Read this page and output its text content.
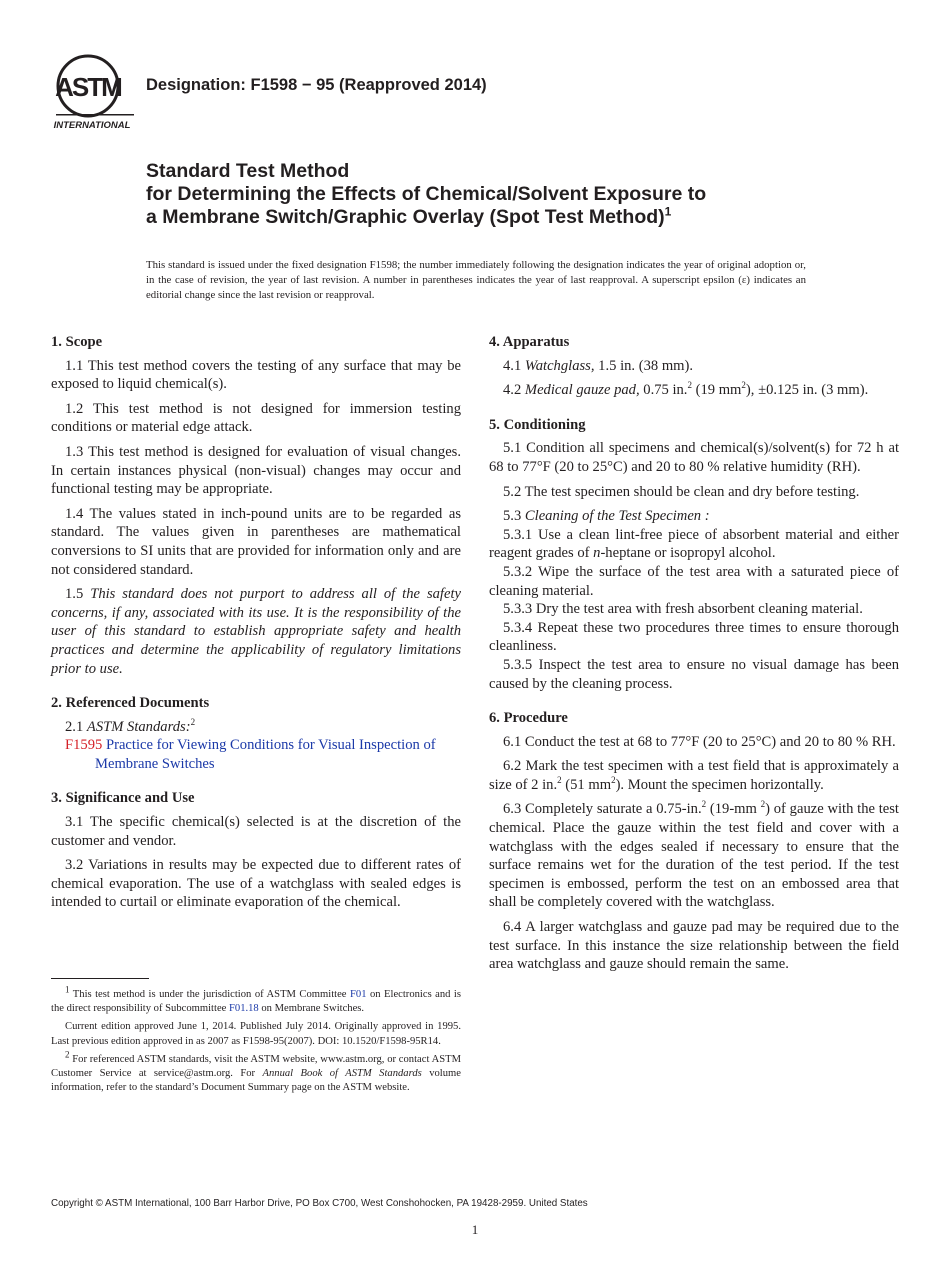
ASTM
INTERNATIONAL
Designation: F1598 − 95 (Reapproved 2014)
Standard Test Method
for Determining the Effects of Chemical/Solvent Exposure to
a Membrane Switch/Graphic Overlay (Spot Test Method)$^1$
This standard is issued under the fixed designation F1598; the number immediately following the designation indicates the year of original adoption or, in the case of revision, the year of last revision. A number in parentheses indicates the year of last reapproval. A superscript epsilon (ε) indicates an editorial change since the last revision or reapproval.
1. Scope

1.1 This test method covers the testing of any surface that may be exposed to liquid chemical(s).

1.2 This test method is not designed for immersion testing conditions or material edge attack.

1.3 This test method is designed for evaluation of visual changes. In certain instances physical (non-visual) changes may occur and functional testing may be appropriate.

1.4 The values stated in inch-pound units are to be regarded as standard. The values given in parentheses are mathematical conversions to SI units that are provided for information only and are not considered standard.

1.5 This standard does not purport to address all of the safety concerns, if any, associated with its use. It is the responsibility of the user of this standard to establish appropriate safety and health practices and determine the applicability of regulatory limitations prior to use.

2. Referenced Documents

2.1 ASTM Standards:$^2$

F1595 Practice for Viewing Conditions for Visual Inspection of Membrane Switches
3. Significance and Use

3.1 The specific chemical(s) selected is at the discretion of the customer and vendor.

3.2 Variations in results may be expected due to different rates of chemical evaporation. The use of a watchglass with sealed edges is intended to curtail or eliminate evaporation of the chemical.

4. Apparatus

4.1 Watchglass, 1.5 in. (38 mm).

4.2 Medical gauze pad, 0.75 in.$^2$ (19 $mm^2$), ±0.125 in. (3 mm).

5. Conditioning

5.1 Condition all specimens and chemical(s)/solvent(s) for 72 h at 68 to 77°F (20 to 25°C) and 20 to 80 % relative humidity (RH).

5.2 The test specimen should be clean and dry before testing.

5.3 Cleaning of the Test Specimen :

5.3.1 Use a clean lint-free piece of absorbent material and either reagent grades of n-heptane or isopropyl alcohol.

5.3.2 Wipe the surface of the test area with a saturated piece of cleaning material.

5.3.3 Dry the test area with fresh absorbent cleaning material.

5.3.4 Repeat these two procedures three times to ensure thorough cleanliness.

5.3.5 Inspect the test area to ensure no visual damage has been caused by the cleaning process.

6. Procedure

6.1 Conduct the test at 68 to 77°F (20 to 25°C) and 20 to 80 % RH.

6.2 Mark the test specimen with a test field that is approximately a size of 2 in.$^2$ (51 $mm^2$). Mount the specimen horizontally.

6.3 Completely saturate a 0.75-in.$^2$ (19-mm $^2$) of gauze with the test chemical. Place the gauze within the test field and cover with a watchglass with the edges sealed if necessary to ensure that the surface remains wet for the duration of the test period. If the test specimen is embossed, perform the test on an embossed area that shall be completely covered with the watchglass.

6.4 A larger watchglass and gauze pad may be required due to the test surface. In this instance the size relationship between the field area watchglass and gauze should remain the same.

$^1$ This test method is under the jurisdiction of ASTM Committee F01 on Electronics and is the direct responsibility of Subcommittee F01.18 on Membrane Switches.

Current edition approved June 1, 2014. Published July 2014. Originally approved in 1995. Last previous edition approved in as 2007 as F1598-95(2007). DOI: 10.1520/F1598-95R14.

$^2$ For referenced ASTM standards, visit the ASTM website, www.astm.org, or contact ASTM Customer Service at service@astm.org. For Annual Book of ASTM Standards volume information, refer to the standard’s Document Summary page on the ASTM website.

Copyright © ASTM International, 100 Barr Harbor Drive, PO Box C700, West Conshohocken, PA 19428-2959. United States
1
